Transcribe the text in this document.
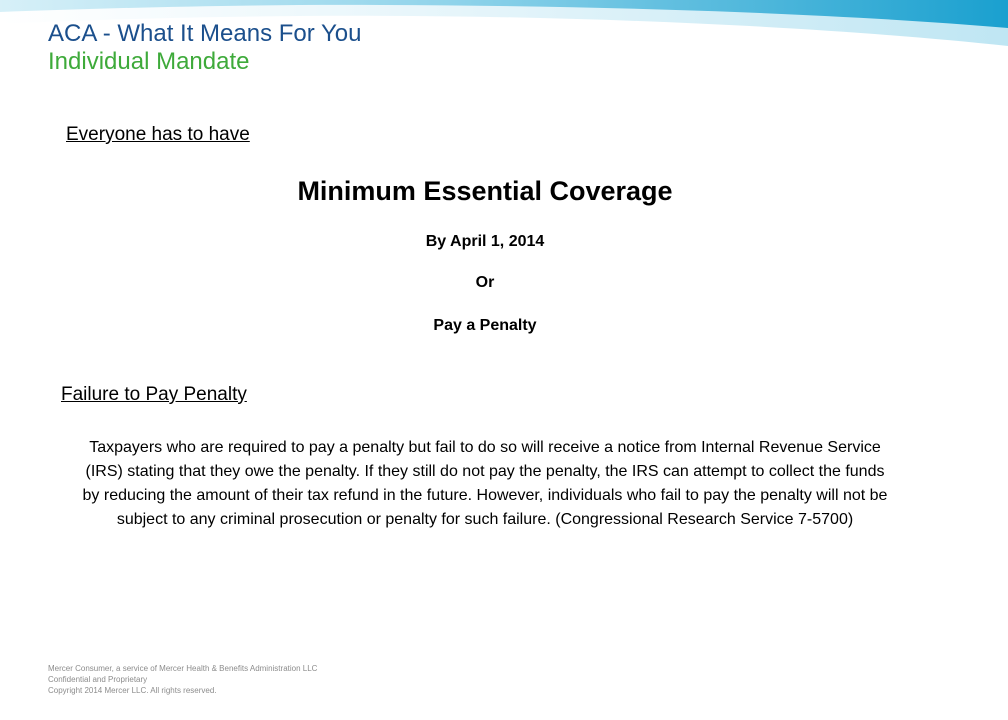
ACA - What It Means For You
Individual Mandate
Everyone has to have
Minimum Essential Coverage
By April 1, 2014
Or
Pay a Penalty
Failure to Pay Penalty
Taxpayers who are required to pay a penalty but fail to do so will receive a notice from Internal Revenue Service (IRS) stating that they owe the penalty. If they still do not pay the penalty, the IRS can attempt to collect the funds by reducing the amount of their tax refund in the future. However, individuals who fail to pay the penalty will not be subject to any criminal prosecution or penalty for such failure. (Congressional Research Service 7-5700)
Mercer Consumer, a service of Mercer Health & Benefits Administration LLC
Confidential and Proprietary
Copyright 2014 Mercer LLC. All rights reserved.
